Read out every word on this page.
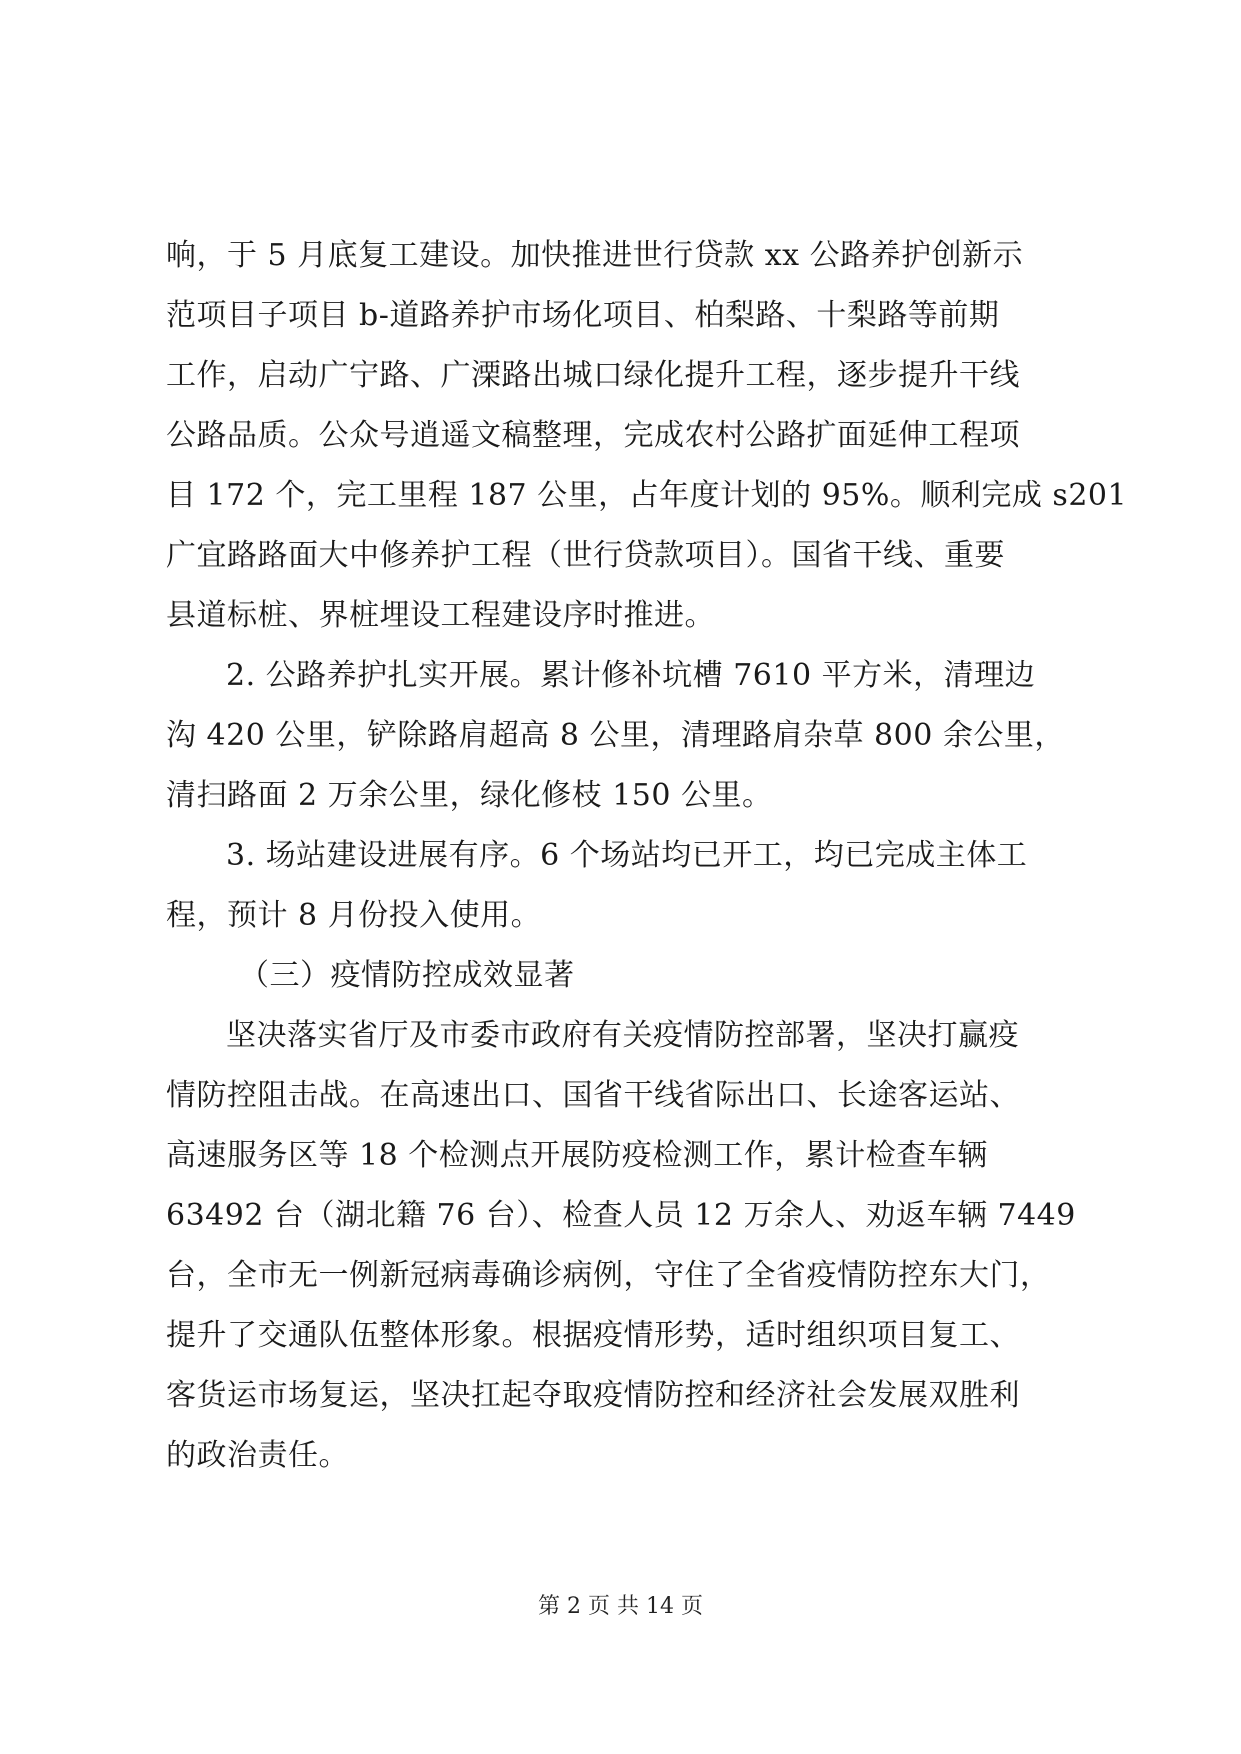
响，于 5 月底复工建设。加快推进世行贷款 xx 公路养护创新示
范项目子项目 b-道路养护市场化项目、柏梨路、十梨路等前期
工作，启动广宁路、广溧路出城口绿化提升工程，逐步提升干线
公路品质。公众号逍遥文稿整理，完成农村公路扩面延伸工程项
目 172 个，完工里程 187 公里，占年度计划的 95%。顺利完成 s201
广宜路路面大中修养护工程（世行贷款项目）。国省干线、重要
县道标桩、界桩埋设工程建设序时推进。
2. 公路养护扎实开展。累计修补坑槽 7610 平方米，清理边
沟 420 公里，铲除路肩超高 8 公里，清理路肩杂草 800 余公里，
清扫路面 2 万余公里，绿化修枝 150 公里。
3. 场站建设进展有序。6 个场站均已开工，均已完成主体工
程，预计 8 月份投入使用。
（三）疫情防控成效显著
坚决落实省厅及市委市政府有关疫情防控部署，坚决打赢疫
情防控阻击战。在高速出口、国省干线省际出口、长途客运站、
高速服务区等 18 个检测点开展防疫检测工作，累计检查车辆
63492 台（湖北籍 76 台）、检查人员 12 万余人、劝返车辆 7449
台，全市无一例新冠病毒确诊病例，守住了全省疫情防控东大门，
提升了交通队伍整体形象。根据疫情形势，适时组织项目复工、
客货运市场复运，坚决扛起夺取疫情防控和经济社会发展双胜利
的政治责任。
第 2 页 共 14 页
